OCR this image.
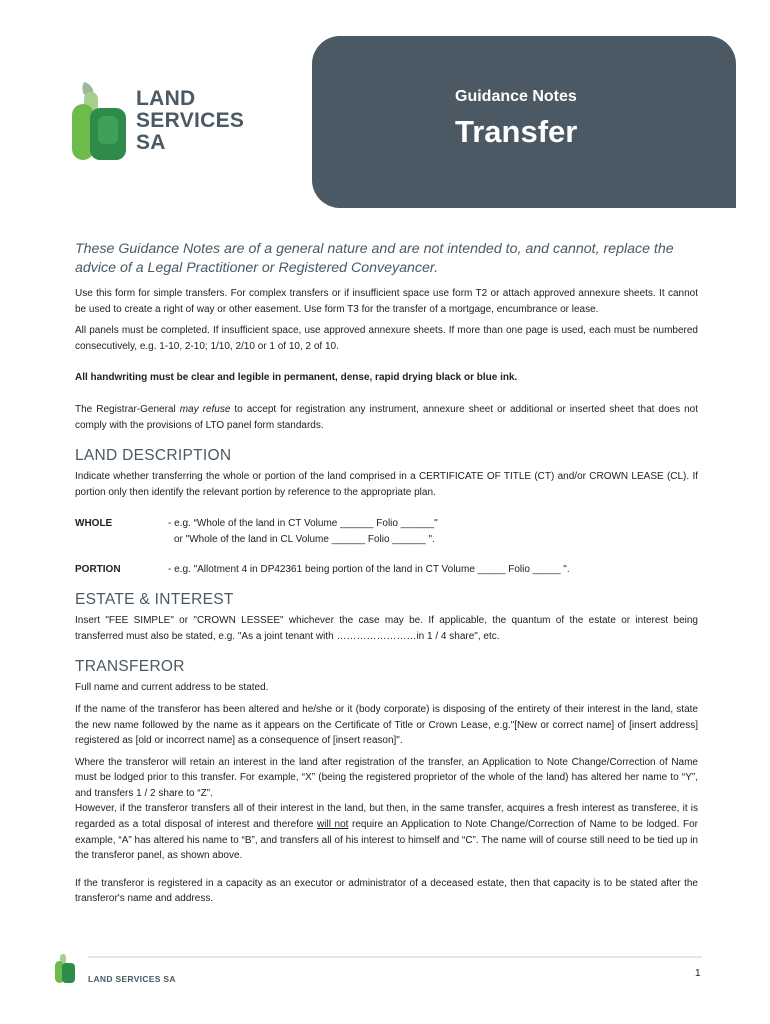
LAND
SERVICES
SA
Guidance Notes
Transfer
These Guidance Notes are of a general nature and are not intended to, and cannot, replace the advice of a Legal Practitioner or Registered Conveyancer.

Use this form for simple transfers. For complex transfers or if insufficient space use form T2 or attach approved annexure sheets. It cannot be used to create a right of way or other easement. Use form T3 for the transfer of a mortgage, encumbrance or lease.

All panels must be completed. If insufficient space, use approved annexure sheets. If more than one page is used, each must be numbered consecutively, e.g. 1-10, 2-10; 1/10, 2/10 or 1 of 10, 2 of 10.

All handwriting must be clear and legible in permanent, dense, rapid drying black or blue ink.

The Registrar-General may refuse to accept for registration any instrument, annexure sheet or additional or inserted sheet that does not comply with the provisions of LTO panel form standards.

LAND DESCRIPTION

Indicate whether transferring the whole or portion of the land comprised in a CERTIFICATE OF TITLE (CT) and/or CROWN LEASE (CL). If portion only then identify the relevant portion by reference to the appropriate plan.

WHOLE	- e.g. “Whole of the land in CT Volume ______ Folio ______"
or "Whole of the land in CL Volume ______ Folio ______ ".
PORTION	- e.g. "Allotment 4 in DP42361 being portion of the land in CT Volume _____ Folio _____ ".
ESTATE & INTEREST

Insert "FEE SIMPLE" or "CROWN LESSEE" whichever the case may be. If applicable, the quantum of the estate or interest being transferred must also be stated, e.g. "As a joint tenant with ……………………in 1 / 4 share", etc.

TRANSFEROR

Full name and current address to be stated.

If the name of the transferor has been altered and he/she or it (body corporate) is disposing of the entirety of their interest in the land, state the new name followed by the name as it appears on the Certificate of Title or Crown Lease, e.g."[New or correct name] of [insert address] registered as [old or incorrect name] as a consequence of [insert reason]".

Where the transferor will retain an interest in the land after registration of the transfer, an Application to Note Change/Correction of Name must be lodged prior to this transfer. For example, “X” (being the registered proprietor of the whole of the land) has altered her name to “Y”, and transfers 1 / 2 share to “Z”.

However, if the transferor transfers all of their interest in the land, but then, in the same transfer, acquires a fresh interest as transferee, it is regarded as a total disposal of interest and therefore will not require an Application to Note Change/Correction of Name to be lodged. For example, “A” has altered his name to “B”, and transfers all of his interest to himself and “C”. The name will of course still need to be tied up in the transferor panel, as shown above.

If the transferor is registered in a capacity as an executor or administrator of a deceased estate, then that capacity is to be stated after the transferor's name and address.

LAND SERVICES SA	1
